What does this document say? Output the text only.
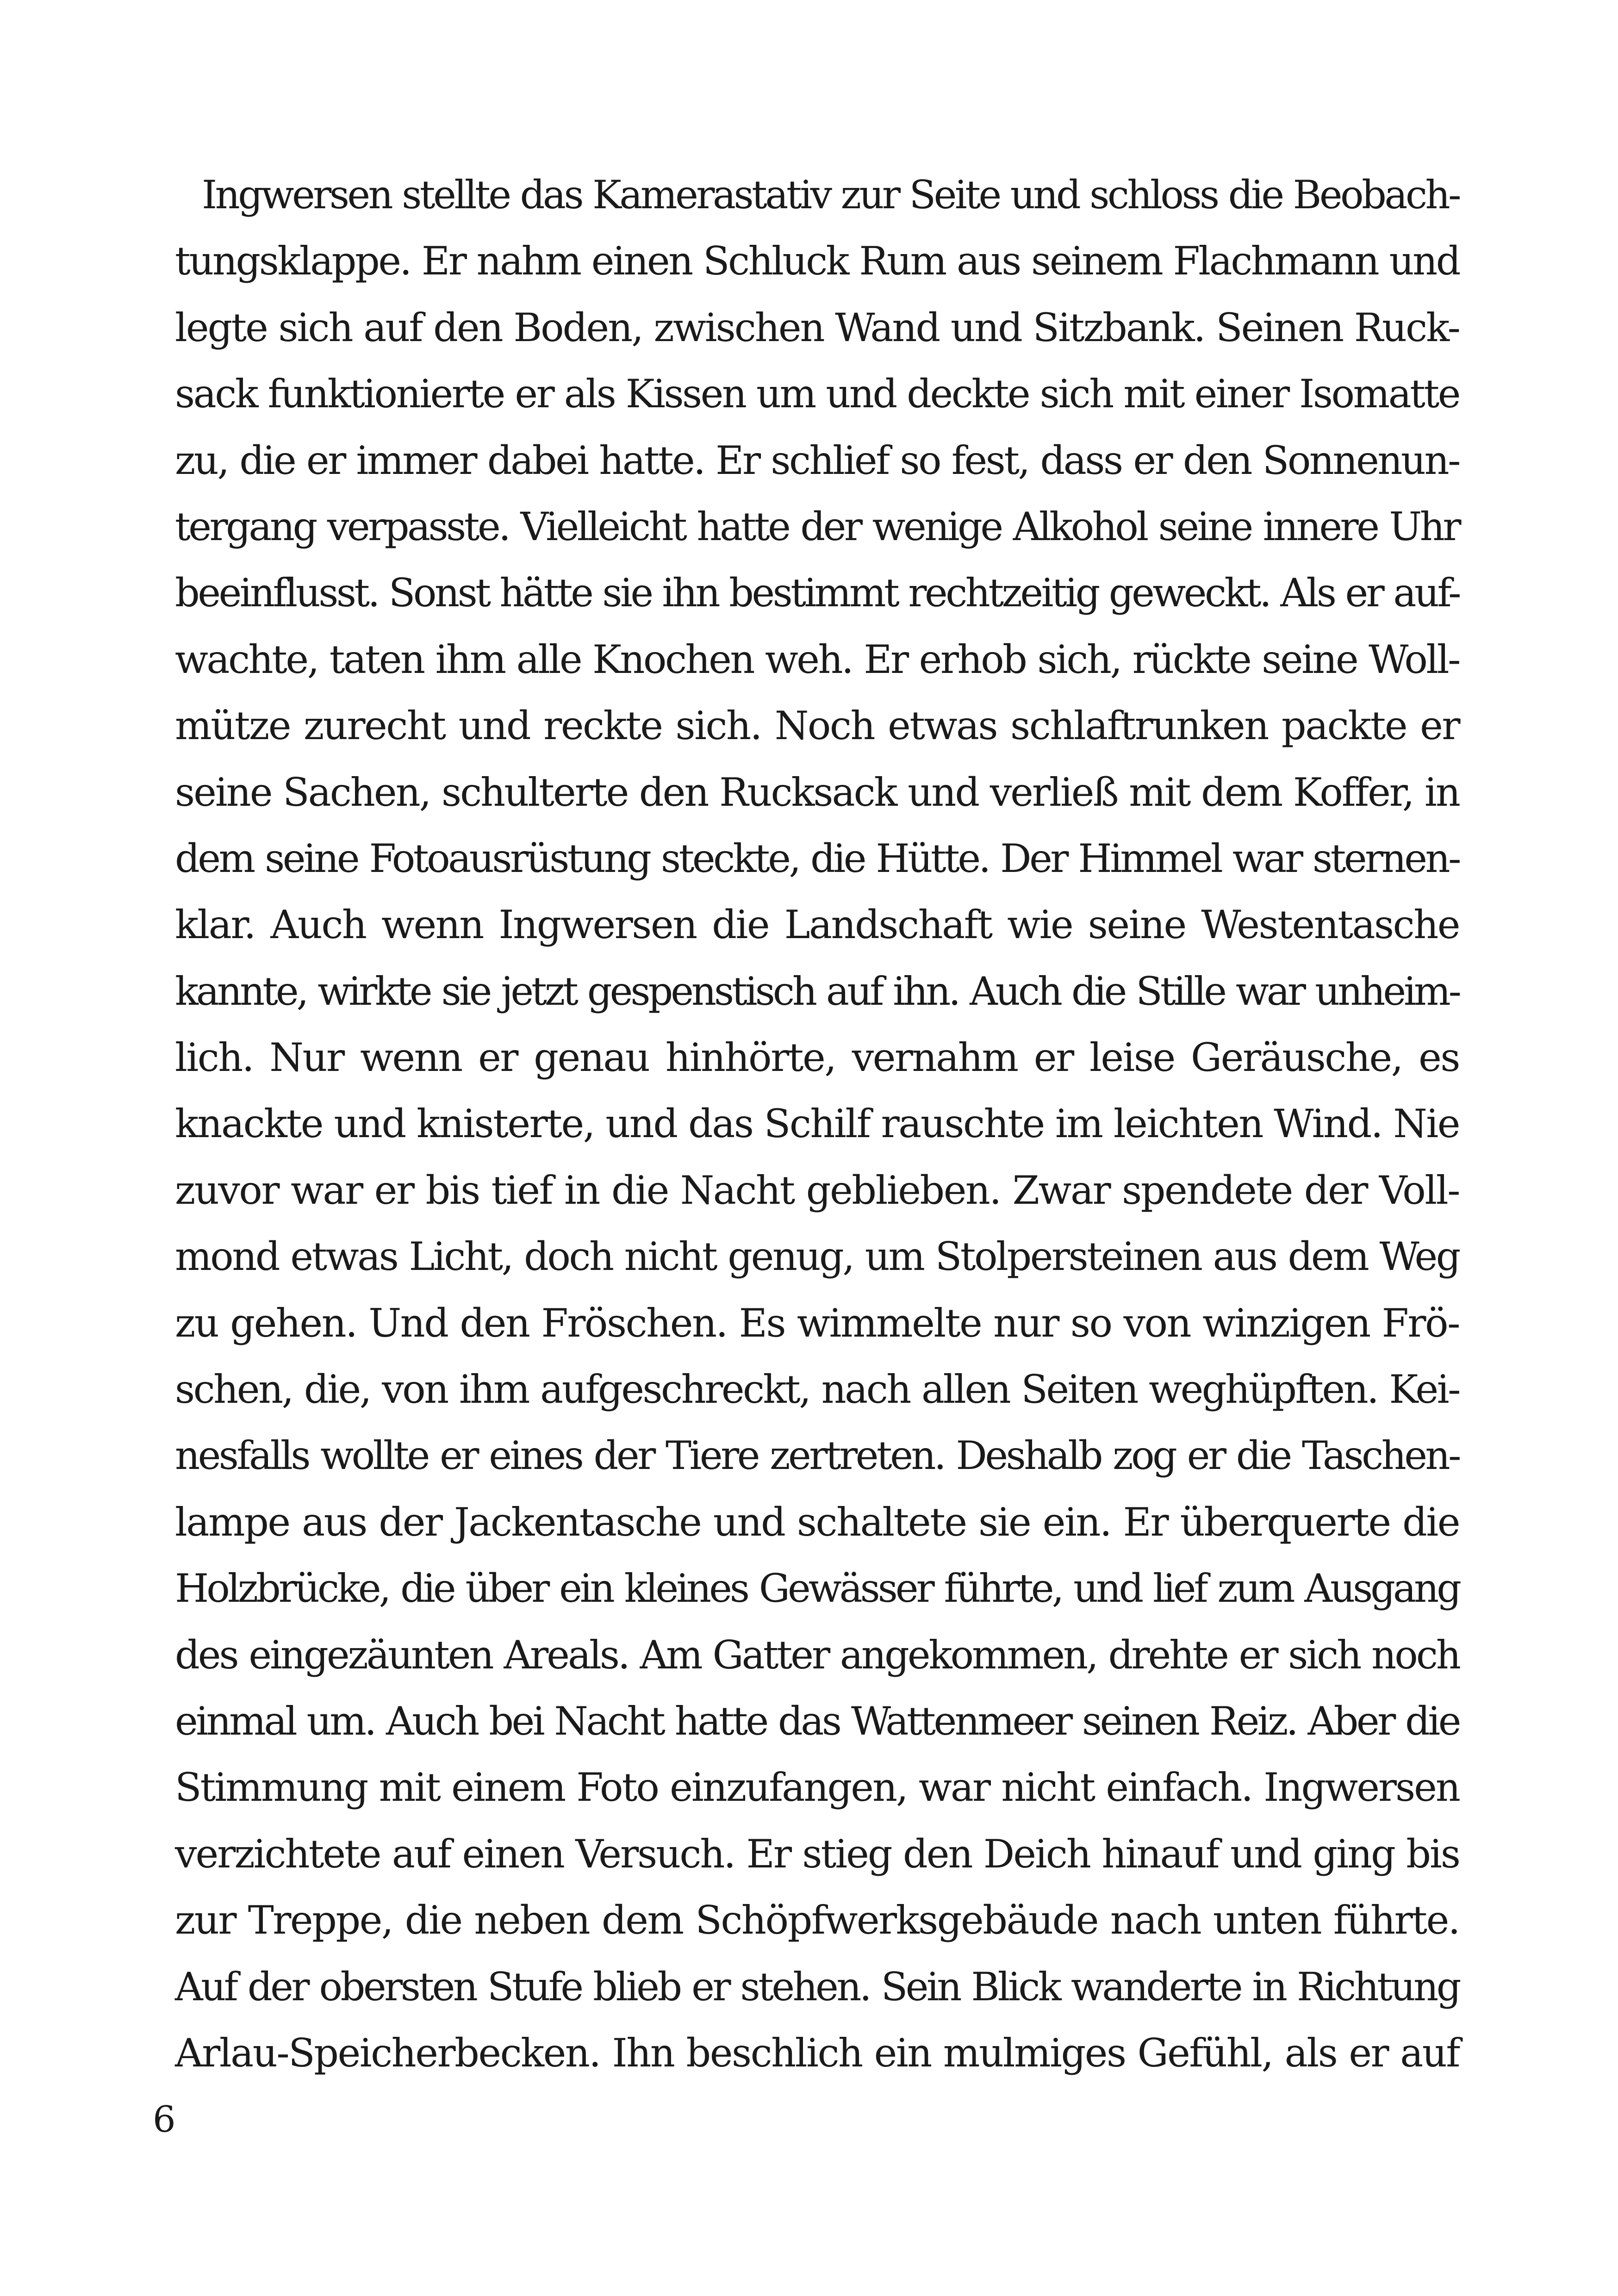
Ingwersen stellte das Kamerastativ zur Seite und schloss die Beobach-
tungsklappe. Er nahm einen Schluck Rum aus seinem Flachmann und
legte sich auf den Boden, zwischen Wand und Sitzbank. Seinen Ruck-
sack funktionierte er als Kissen um und deckte sich mit einer Isomatte
zu, die er immer dabei hatte. Er schlief so fest, dass er den Sonnenun-
tergang verpasste. Vielleicht hatte der wenige Alkohol seine innere Uhr
beeinflusst. Sonst hätte sie ihn bestimmt rechtzeitig geweckt. Als er auf-
wachte, taten ihm alle Knochen weh. Er erhob sich, rückte seine Woll-
mütze zurecht und reckte sich. Noch etwas schlaftrunken packte er
seine Sachen, schulterte den Rucksack und verließ mit dem Koffer, in
dem seine Fotoausrüstung steckte, die Hütte. Der Himmel war sternen-
klar. Auch wenn Ingwersen die Landschaft wie seine Westentasche
kannte, wirkte sie jetzt gespenstisch auf ihn. Auch die Stille war unheim-
lich. Nur wenn er genau hinhörte, vernahm er leise Geräusche, es
knackte und knisterte, und das Schilf rauschte im leichten Wind. Nie
zuvor war er bis tief in die Nacht geblieben. Zwar spendete der Voll-
mond etwas Licht, doch nicht genug, um Stolpersteinen aus dem Weg
zu gehen. Und den Fröschen. Es wimmelte nur so von winzigen Frö-
schen, die, von ihm aufgeschreckt, nach allen Seiten weghüpften. Kei-
nesfalls wollte er eines der Tiere zertreten. Deshalb zog er die Taschen-
lampe aus der Jackentasche und schaltete sie ein. Er überquerte die
Holzbrücke, die über ein kleines Gewässer führte, und lief zum Ausgang
des eingezäunten Areals. Am Gatter angekommen, drehte er sich noch
einmal um. Auch bei Nacht hatte das Wattenmeer seinen Reiz. Aber die
Stimmung mit einem Foto einzufangen, war nicht einfach. Ingwersen
verzichtete auf einen Versuch. Er stieg den Deich hinauf und ging bis
zur Treppe, die neben dem Schöpfwerksgebäude nach unten führte.
Auf der obersten Stufe blieb er stehen. Sein Blick wanderte in Richtung
Arlau-Speicherbecken. Ihn beschlich ein mulmiges Gefühl, als er auf
6
